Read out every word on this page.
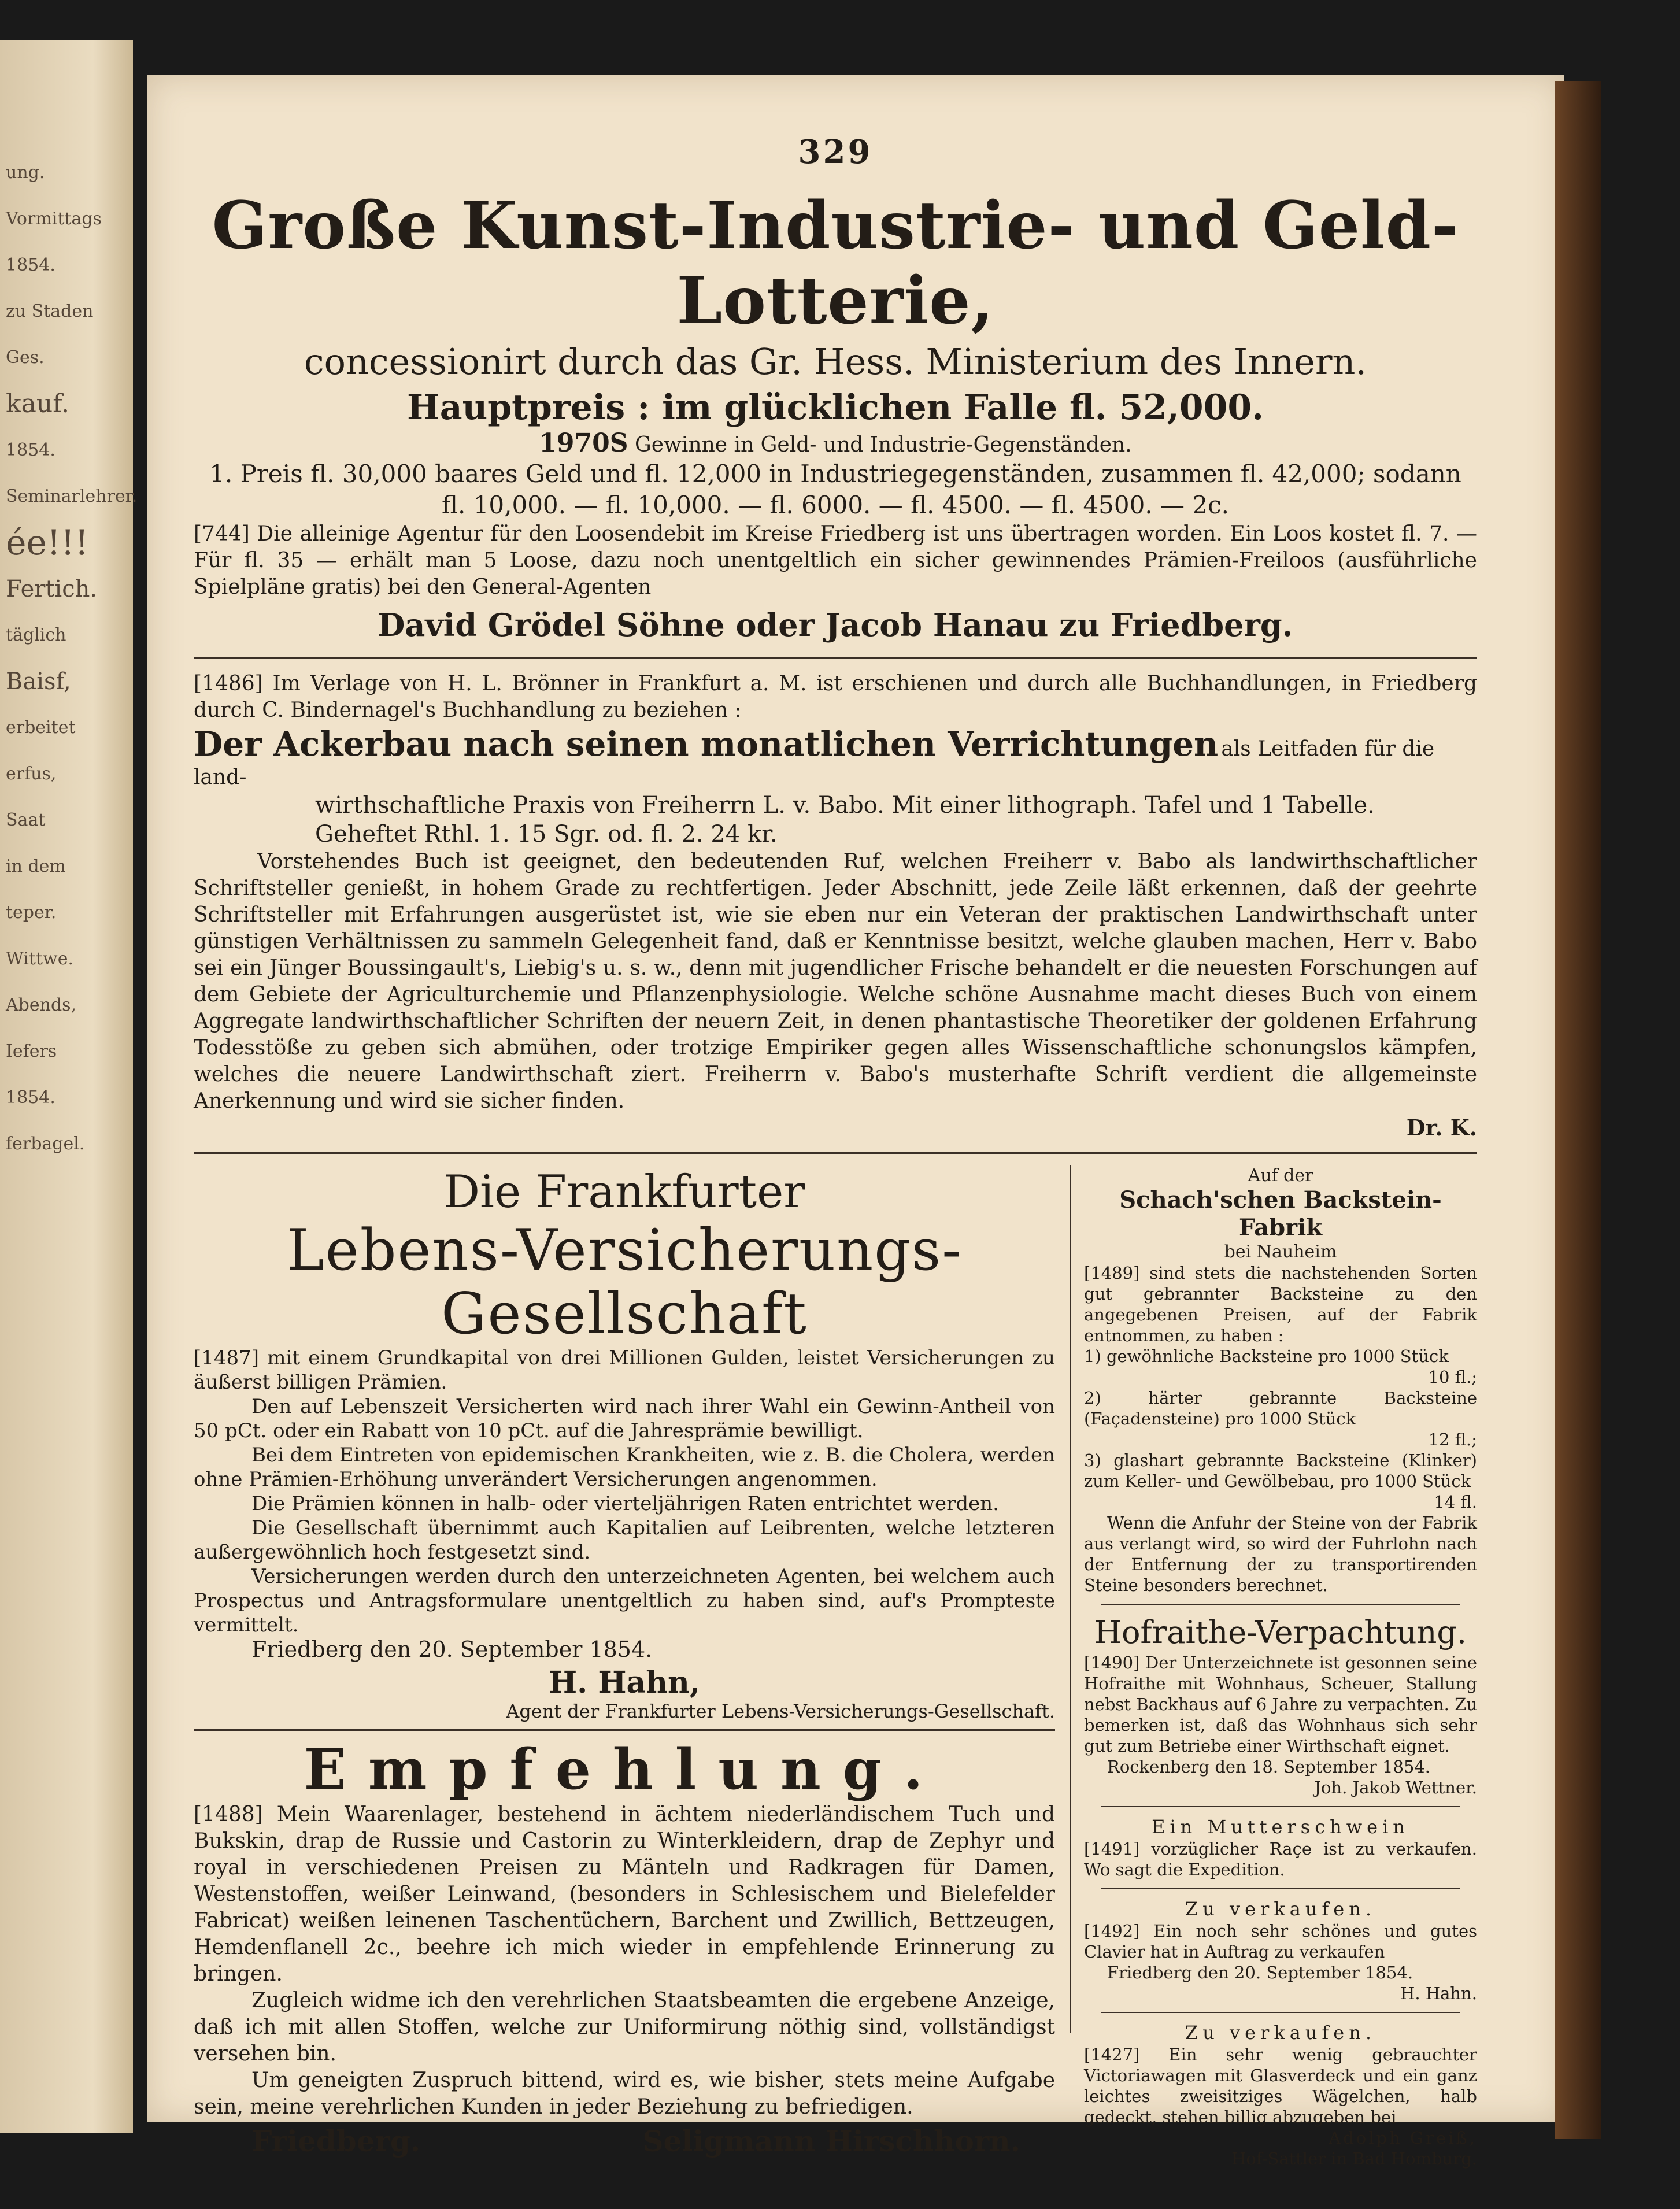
ung.
Vormittags
1854.
zu Staden
Ges.
kauf.
1854.
Seminarlehrer.
ée!!!
Fertich.
täglich
Baisf,
erbeitet
erfus,
Saat
in dem
teper.
Wittwe.
Abends,
Iefers
1854.
ferbagel.
329
Große Kunst-Industrie- und Geld-Lotterie,
concessionirt durch das Gr. Hess. Ministerium des Innern.
Hauptpreis : im glücklichen Falle fl. 52,000.
1970S Gewinne in Geld- und Industrie-Gegenständen.
1. Preis fl. 30,000 baares Geld und fl. 12,000 in Industriegegenständen, zusammen fl. 42,000; sodann
fl. 10,000. — fl. 10,000. — fl. 6000. — fl. 4500. — fl. 4500. — 2c.
[744] Die alleinige Agentur für den Loosendebit im Kreise Friedberg ist uns übertragen worden. Ein Loos kostet fl. 7. — Für fl. 35 — erhält man 5 Loose, dazu noch unentgeltlich ein sicher gewinnendes Prämien-Freiloos (ausführliche Spielpläne gratis) bei den General-Agenten
David Grödel Söhne oder Jacob Hanau zu Friedberg.
[1486] Im Verlage von H. L. Brönner in Frankfurt a. M. ist erschienen und durch alle Buchhandlungen, in Friedberg durch C. Bindernagel's Buchhandlung zu beziehen :
Der Ackerbau nach seinen monatlichen Verrichtungen als Leitfaden für die land-
wirthschaftliche Praxis von Freiherrn L. v. Babo. Mit einer lithograph. Tafel und 1 Tabelle.
Geheftet Rthl. 1. 15 Sgr. od. fl. 2. 24 kr.
Vorstehendes Buch ist geeignet, den bedeutenden Ruf, welchen Freiherr v. Babo als landwirthschaftlicher Schriftsteller genießt, in hohem Grade zu rechtfertigen. Jeder Abschnitt, jede Zeile läßt erkennen, daß der geehrte Schriftsteller mit Erfahrungen ausgerüstet ist, wie sie eben nur ein Veteran der praktischen Landwirthschaft unter günstigen Verhältnissen zu sammeln Gelegenheit fand, daß er Kenntnisse besitzt, welche glauben machen, Herr v. Babo sei ein Jünger Boussingault's, Liebig's u. s. w., denn mit jugendlicher Frische behandelt er die neuesten Forschungen auf dem Gebiete der Agriculturchemie und Pflanzenphysiologie. Welche schöne Ausnahme macht dieses Buch von einem Aggregate landwirthschaftlicher Schriften der neuern Zeit, in denen phantastische Theoretiker der goldenen Erfahrung Todesstöße zu geben sich abmühen, oder trotzige Empiriker gegen alles Wissenschaftliche schonungslos kämpfen, welches die neuere Landwirthschaft ziert. Freiherrn v. Babo's musterhafte Schrift verdient die allgemeinste Anerkennung und wird sie sicher finden.
Dr. K.
Die Frankfurter
Lebens-Versicherungs-Gesellschaft
[1487] mit einem Grundkapital von drei Millionen Gulden, leistet Versicherungen zu äußerst billigen Prämien.
Den auf Lebenszeit Versicherten wird nach ihrer Wahl ein Gewinn-Antheil von 50 pCt. oder ein Rabatt von 10 pCt. auf die Jahresprämie bewilligt.
Bei dem Eintreten von epidemischen Krankheiten, wie z. B. die Cholera, werden ohne Prämien-Erhöhung unverändert Versicherungen angenommen.
Die Prämien können in halb- oder vierteljährigen Raten entrichtet werden.
Die Gesellschaft übernimmt auch Kapitalien auf Leibrenten, welche letzteren außergewöhnlich hoch festgesetzt sind.
Versicherungen werden durch den unterzeichneten Agenten, bei welchem auch Prospectus und Antragsformulare unentgeltlich zu haben sind, auf's Prompteste vermittelt.
Friedberg den 20. September 1854.
H. Hahn,
Agent der Frankfurter Lebens-Versicherungs-Gesellschaft.
Empfehlung.
[1488] Mein Waarenlager, bestehend in ächtem niederländischem Tuch und Bukskin, drap de Russie und Castorin zu Winterkleidern, drap de Zephyr und royal in verschiedenen Preisen zu Mänteln und Radkragen für Damen, Westenstoffen, weißer Leinwand, (besonders in Schlesischem und Bielefelder Fabricat) weißen leinenen Taschentüchern, Barchent und Zwillich, Bettzeugen, Hemdenflanell 2c., beehre ich mich wieder in empfehlende Erinnerung zu bringen.
Zugleich widme ich den verehrlichen Staatsbeamten die ergebene Anzeige, daß ich mit allen Stoffen, welche zur Uniformirung nöthig sind, vollständigst versehen bin.
Um geneigten Zuspruch bittend, wird es, wie bisher, stets meine Aufgabe sein, meine verehrlichen Kunden in jeder Beziehung zu befriedigen.
Friedberg.	Seligmann Hirschhorn.
Auf der
Schach'schen Backstein-Fabrik
bei Nauheim
[1489] sind stets die nachstehenden Sorten gut gebrannter Backsteine zu den angegebenen Preisen, auf der Fabrik entnommen, zu haben :
1) gewöhnliche Backsteine pro 1000 Stück
10 fl.;
2) härter gebrannte Backsteine (Façadensteine) pro 1000 Stück
12 fl.;
3) glashart gebrannte Backsteine (Klinker) zum Keller- und Gewölbebau, pro 1000 Stück
14 fl.
Wenn die Anfuhr der Steine von der Fabrik aus verlangt wird, so wird der Fuhrlohn nach der Entfernung der zu transportirenden Steine besonders berechnet.
Hofraithe-Verpachtung.
[1490] Der Unterzeichnete ist gesonnen seine Hofraithe mit Wohnhaus, Scheuer, Stallung nebst Backhaus auf 6 Jahre zu verpachten. Zu bemerken ist, daß das Wohnhaus sich sehr gut zum Betriebe einer Wirthschaft eignet.
Rockenberg den 18. September 1854.
Joh. Jakob Wettner.
Ein Mutterschwein
[1491] vorzüglicher Raçe ist zu verkaufen. Wo sagt die Expedition.
Zu verkaufen.
[1492] Ein noch sehr schönes und gutes Clavier hat in Auftrag zu verkaufen
Friedberg den 20. September 1854.
H. Hahn.
Zu verkaufen.
[1427] Ein sehr wenig gebrauchter Victoriawagen mit Glasverdeck und ein ganz leichtes zweisitziges Wägelchen, halb gedeckt, stehen billig abzugeben bei
Adolph Greiß,
Hof-Sattler in Bad Homburg.
